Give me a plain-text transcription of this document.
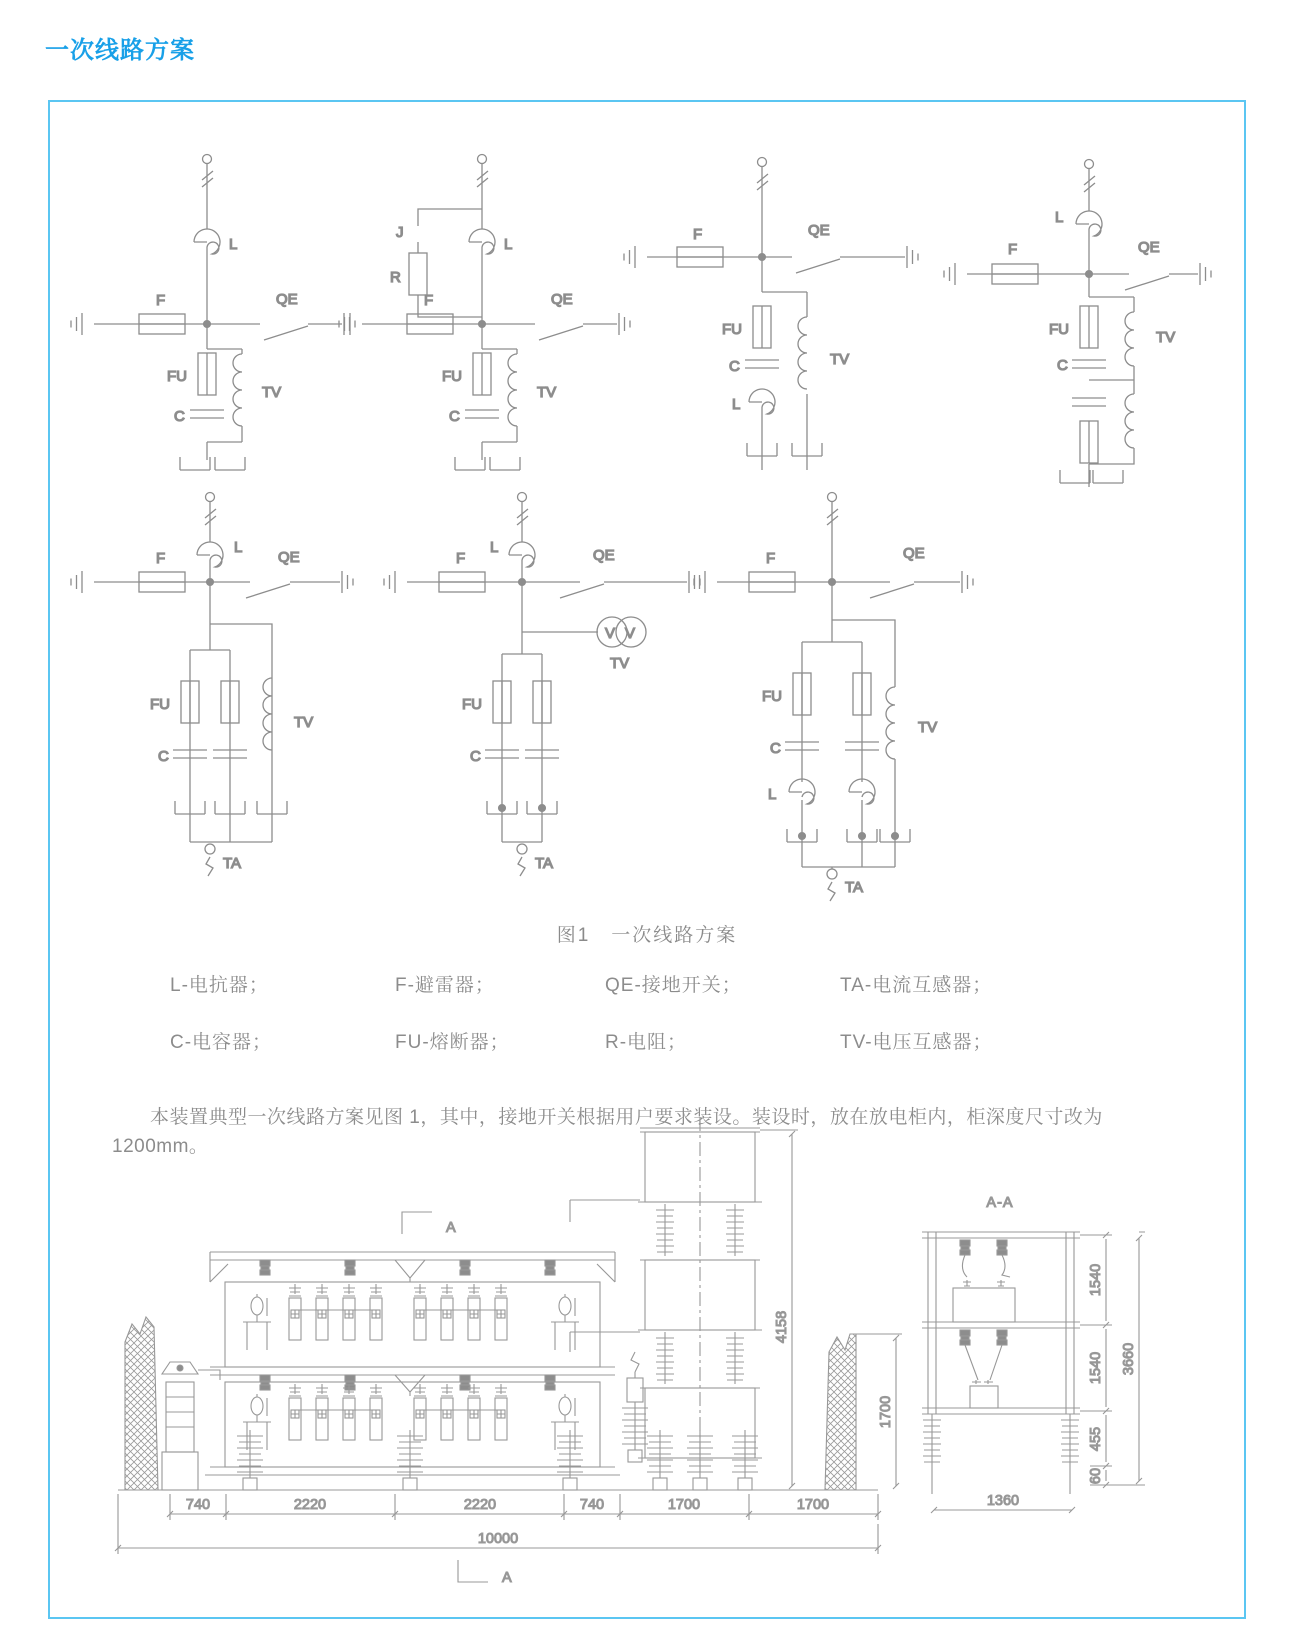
一次线路方案
L
F	QE
FU
C
TV
L
J
R
F	QE
FU
C
TV
F	QE
FU
C
L
TV
L
F	QE
FU
C
TV
L
F	QE
FU
C
TV
TA
L
F	QE
V V
TV
FU
C
TA
F	QE
FU
C
L
TV
TA
图1　一次线路方案
L-电抗器；	F-避雷器；	QE-接地开关；	TA-电流互感器；
C-电容器；	FU-熔断器；	R-电阻；	TV-电压互感器；

本装置典型一次线路方案见图 1，其中，接地开关根据用户要求装设。装设时，放在放电柜内，柜深度尺寸改为 1200mm。

4158
1700
740	2220	2220	740	1700	1700
10000
A
A
A-A
1540
1540
455
60
3660
1360
